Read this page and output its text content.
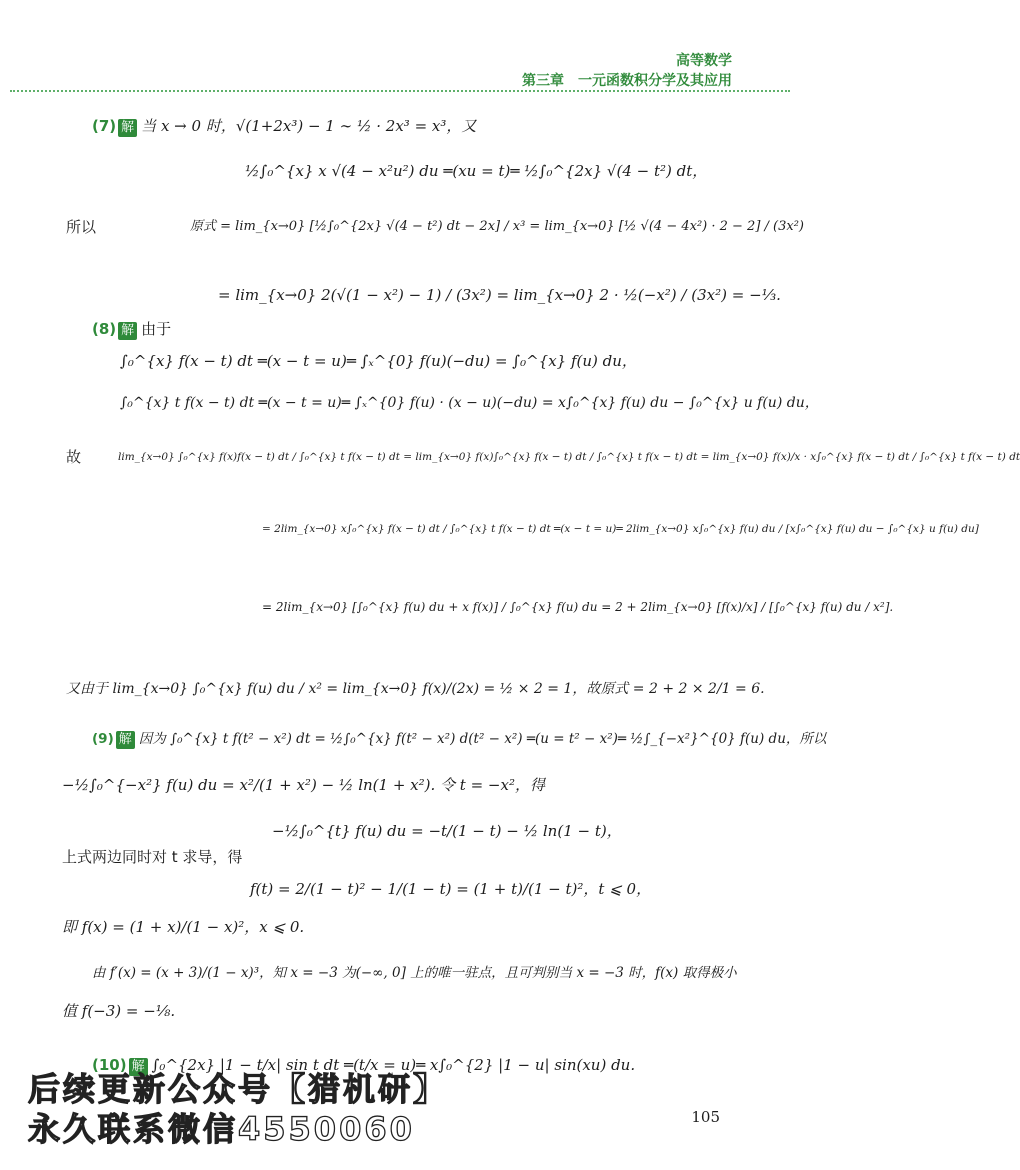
高等数学
第三章　一元函数积分学及其应用
(7) 解 当 x → 0 时，√(1+2x³) − 1 ∼ ½ · 2x³ = x³，又
½∫₀^{x} x √(4 − x²u²) du ═(xu = t)═ ½∫₀^{2x} √(4 − t²) dt，
所以	原式 = lim_{x→0} [½∫₀^{2x} √(4 − t²) dt − 2x] / x³ = lim_{x→0} [½ √(4 − 4x²) · 2 − 2] / (3x²)
= lim_{x→0} 2(√(1 − x²) − 1) / (3x²) = lim_{x→0} 2 · ½(−x²) / (3x²) = −⅓.
(8) 解 由于
∫₀^{x} f(x − t) dt ═(x − t = u)═ ∫ₓ^{0} f(u)(−du) = ∫₀^{x} f(u) du，
∫₀^{x} t f(x − t) dt ═(x − t = u)═ ∫ₓ^{0} f(u) · (x − u)(−du) = x∫₀^{x} f(u) du − ∫₀^{x} u f(u) du，
故	lim_{x→0} ∫₀^{x} f(x)f(x − t) dt / ∫₀^{x} t f(x − t) dt = lim_{x→0} f(x)∫₀^{x} f(x − t) dt / ∫₀^{x} t f(x − t) dt = lim_{x→0} f(x)/x · x∫₀^{x} f(x − t) dt / ∫₀^{x} t f(x − t) dt
= 2lim_{x→0} x∫₀^{x} f(x − t) dt / ∫₀^{x} t f(x − t) dt ═(x − t = u)═ 2lim_{x→0} x∫₀^{x} f(u) du / [x∫₀^{x} f(u) du − ∫₀^{x} u f(u) du]
= 2lim_{x→0} [∫₀^{x} f(u) du + x f(x)] / ∫₀^{x} f(u) du = 2 + 2lim_{x→0} [f(x)/x] / [∫₀^{x} f(u) du / x²].
又由于 lim_{x→0} ∫₀^{x} f(u) du / x² = lim_{x→0} f(x)/(2x) = ½ × 2 = 1，故原式 = 2 + 2 × 2/1 = 6.
(9) 解 因为 ∫₀^{x} t f(t² − x²) dt = ½∫₀^{x} f(t² − x²) d(t² − x²) ═(u = t² − x²)═ ½∫_{−x²}^{0} f(u) du，所以
−½∫₀^{−x²} f(u) du = x²/(1 + x²) − ½ ln(1 + x²). 令 t = −x²，得
−½∫₀^{t} f(u) du = −t/(1 − t) − ½ ln(1 − t)，
上式两边同时对 t 求导，得
f(t) = 2/(1 − t)² − 1/(1 − t) = (1 + t)/(1 − t)²，t ⩽ 0，
即 f(x) = (1 + x)/(1 − x)²，x ⩽ 0.
由 f′(x) = (x + 3)/(1 − x)³，知 x = −3 为(−∞, 0] 上的唯一驻点，且可判别当 x = −3 时，f(x) 取得极小
值 f(−3) = −⅛.
(10) 解 ∫₀^{2x} |1 − t/x| sin t dt ═(t/x = u)═ x∫₀^{2} |1 − u| sin(xu) du.
后续更新公众号【猎机研】
永久联系微信4550060	105
